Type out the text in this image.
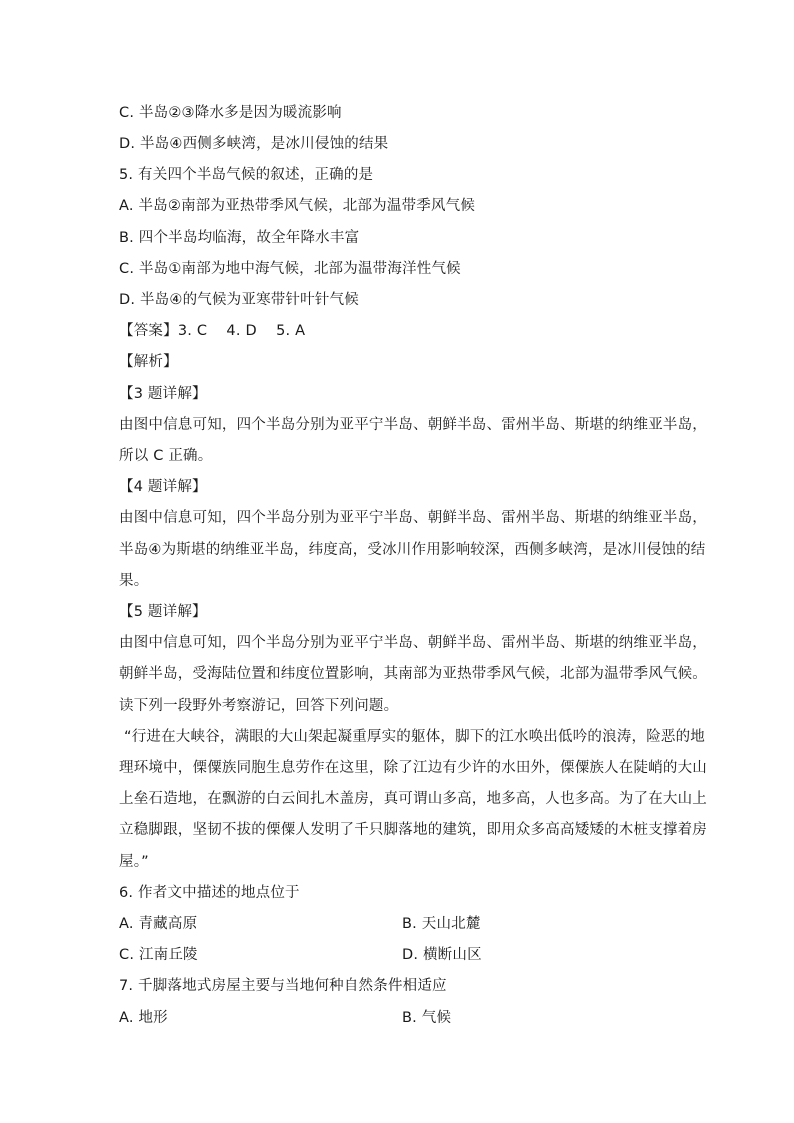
C. 半岛②③降水多是因为暖流影响
D. 半岛④西侧多峡湾，是冰川侵蚀的结果
5. 有关四个半岛气候的叙述，正确的是
A. 半岛②南部为亚热带季风气候，北部为温带季风气候
B. 四个半岛均临海，故全年降水丰富
C. 半岛①南部为地中海气候，北部为温带海洋性气候
D. 半岛④的气候为亚寒带针叶针气候
【答案】3. C    4. D    5. A
【解析】
【3 题详解】
由图中信息可知，四个半岛分别为亚平宁半岛、朝鲜半岛、雷州半岛、斯堪的纳维亚半岛，
所以 C 正确。
【4 题详解】
由图中信息可知，四个半岛分别为亚平宁半岛、朝鲜半岛、雷州半岛、斯堪的纳维亚半岛，
半岛④为斯堪的纳维亚半岛，纬度高，受冰川作用影响较深，西侧多峡湾，是冰川侵蚀的结
果。
【5 题详解】
由图中信息可知，四个半岛分别为亚平宁半岛、朝鲜半岛、雷州半岛、斯堪的纳维亚半岛，
朝鲜半岛，受海陆位置和纬度位置影响，其南部为亚热带季风气候，北部为温带季风气候。
读下列一段野外考察游记，回答下列问题。
“行进在大峡谷，满眼的大山架起凝重厚实的躯体，脚下的江水唤出低吟的浪涛，险恶的地
理环境中，傈僳族同胞生息劳作在这里，除了江边有少许的水田外，傈僳族人在陡峭的大山
上垒石造地，在飘游的白云间扎木盖房，真可谓山多高，地多高，人也多高。为了在大山上
立稳脚跟，坚韧不拔的傈僳人发明了千只脚落地的建筑，即用众多高高矮矮的木桩支撑着房
屋。”
6. 作者文中描述的地点位于
A. 青藏高原	B. 天山北麓
C. 江南丘陵	D. 横断山区
7. 千脚落地式房屋主要与当地何种自然条件相适应
A. 地形	B. 气候
